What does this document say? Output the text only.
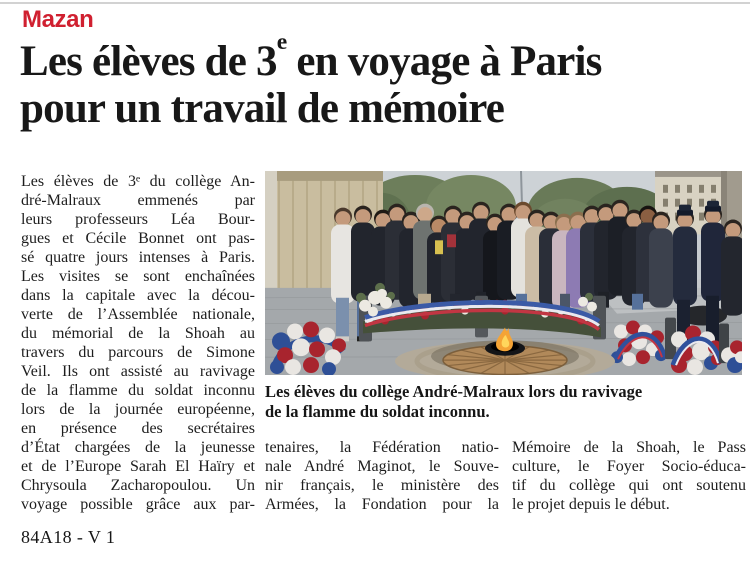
Mazan
Les élèves de 3e en voyage à Paris
pour un travail de mémoire
Les élèves de 3ᵉ du collège An-
dré-Malraux emmenés par
leurs professeurs Léa Bour-
gues et Cécile Bonnet ont pas-
sé quatre jours intenses à Paris.
Les visites se sont enchaînées
dans la capitale avec la décou-
verte de l’Assemblée nationale,
du mémorial de la Shoah au
travers du parcours de Simone
Veil. Ils ont assisté au ravivage
de la flamme du soldat inconnu
lors de la journée européenne,
en présence des secrétaires
d’État chargées de la jeunesse
et de l’Europe Sarah El Haïry et
Chrysoula Zacharopoulou. Un
voyage possible grâce aux par-
Les élèves du collège André-Malraux lors du ravivage
de la flamme du soldat inconnu.
tenaires, la Fédération natio-
nale André Maginot, le Souve-
nir français, le ministère des
Armées, la Fondation pour la
Mémoire de la Shoah, le Pass
culture, le Foyer Socio-éduca-
tif du collège qui ont soutenu
le projet depuis le début.
84A18 - V 1
